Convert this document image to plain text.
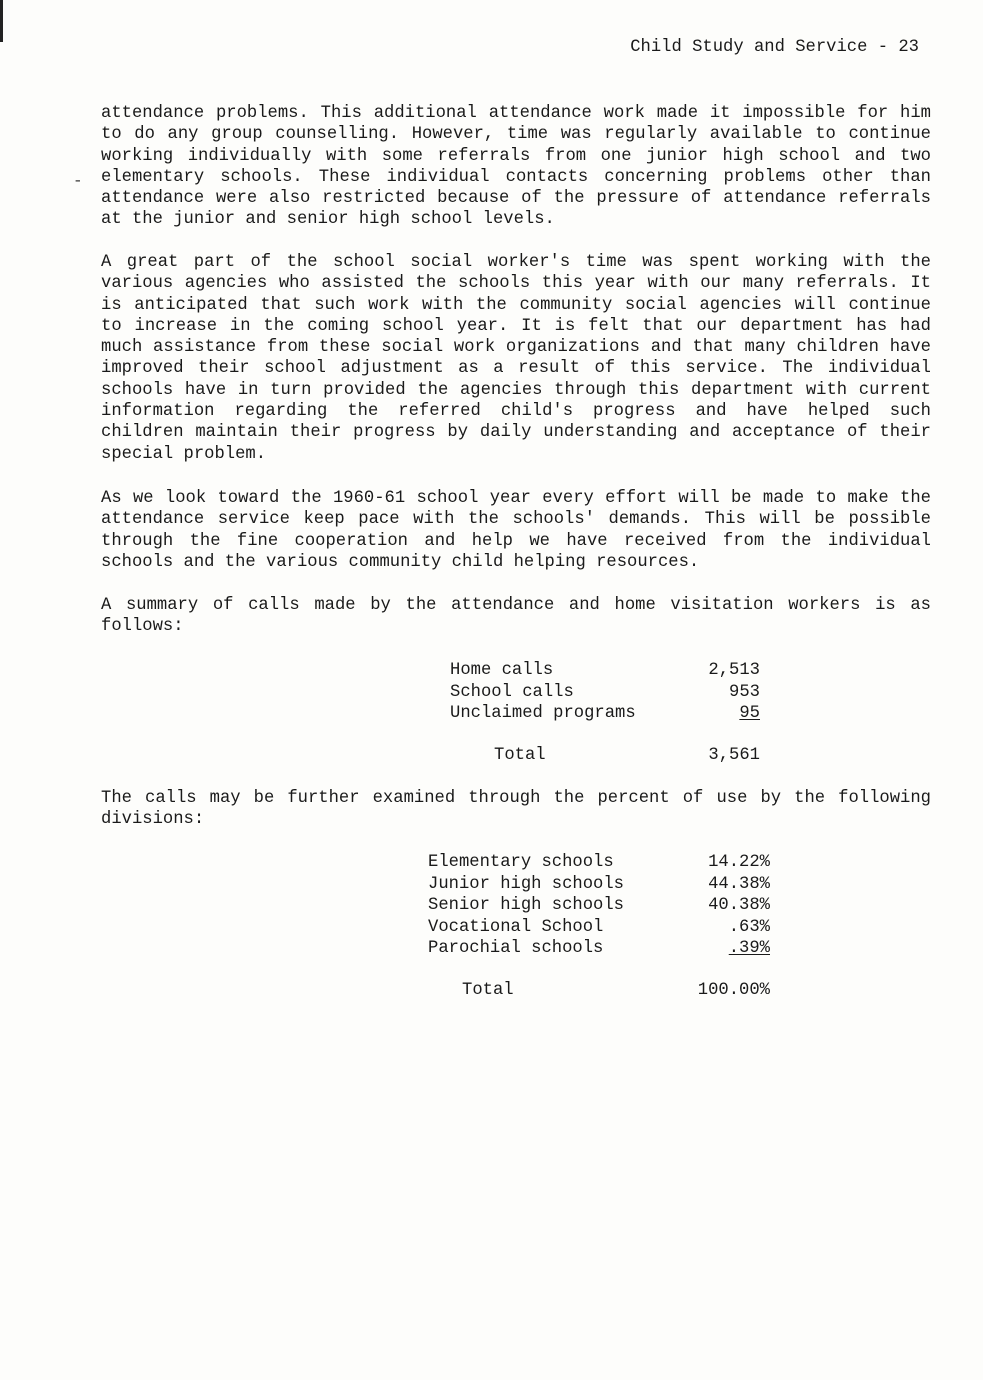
-
Child Study and Service - 23

attendance problems. This additional attendance work made it impossible for him to do any group counselling. However, time was regularly available to continue working individually with some referrals from one junior high school and two elementary schools. These individual contacts concerning problems other than attendance were also restricted because of the pressure of attendance referrals at the junior and senior high school levels.

A great part of the school social worker's time was spent working with the various agencies who assisted the schools this year with our many referrals. It is anticipated that such work with the community social agencies will continue to increase in the coming school year. It is felt that our department has had much assistance from these social work organizations and that many children have improved their school adjustment as a result of this service. The individual schools have in turn provided the agencies through this department with current information regarding the referred child's progress and have helped such children maintain their progress by daily understanding and acceptance of their special problem.

As we look toward the 1960-61 school year every effort will be made to make the attendance service keep pace with the schools' demands. This will be possible through the fine cooperation and help we have received from the individual schools and the various community child helping resources.

A summary of calls made by the attendance and home visitation workers is as follows:

Home calls	2,513
School calls	953
Unclaimed programs	95
Total	3,561

The calls may be further examined through the percent of use by the following divisions:

Elementary schools	14.22%
Junior high schools	44.38%
Senior high schools	40.38%
Vocational School	.63%
Parochial schools	.39%
Total	100.00%
